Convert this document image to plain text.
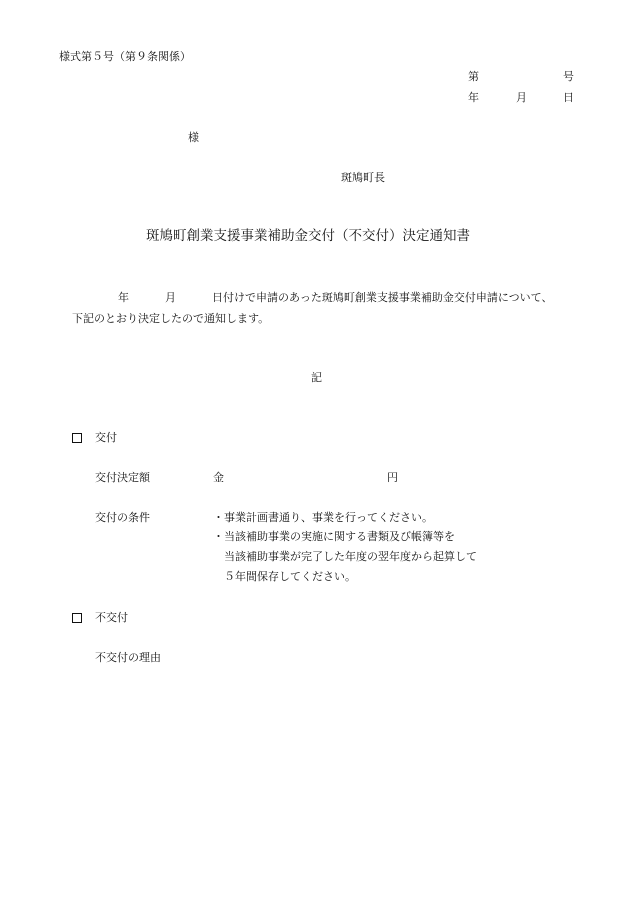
様式第５号（第９条関係）
第	号
年	月	日
様
斑鳩町長
斑鳩町創業支援事業補助金交付（不交付）決定通知書
年	月	日付けで申請のあった斑鳩町創業支援事業補助金交付申請について、
下記のとおり決定したので通知します。
記
交付
交付決定額	金	円
交付の条件	・事業計画書通り、事業を行ってください。
・当該補助事業の実施に関する書類及び帳簿等を
当該補助事業が完了した年度の翌年度から起算して
５年間保存してください。
不交付
不交付の理由
